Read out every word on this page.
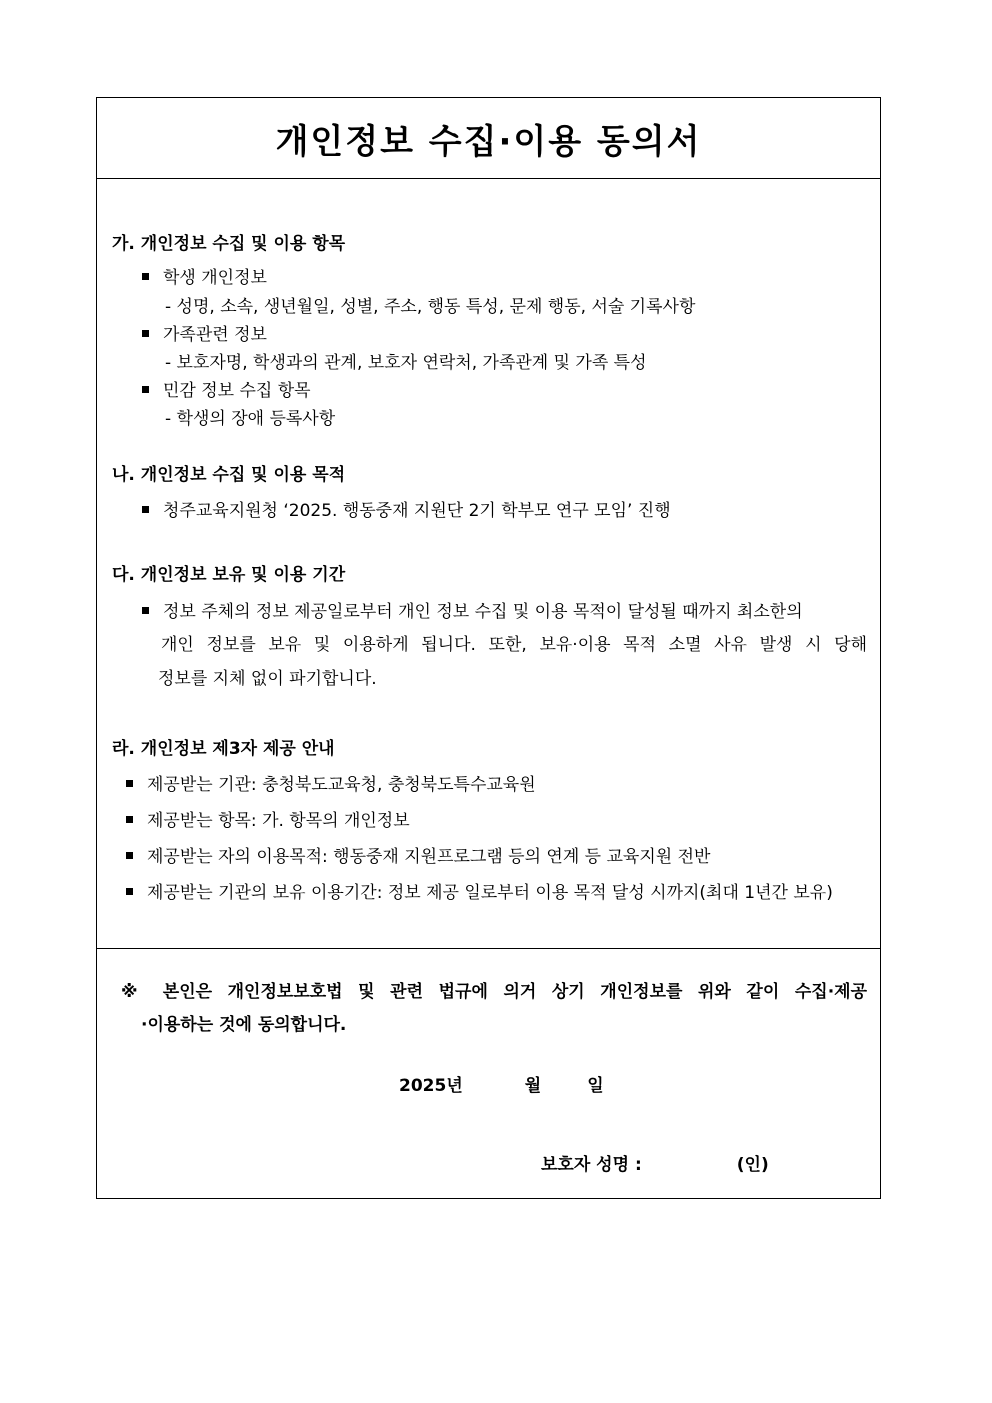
개인정보 수집·이용 동의서
가. 개인정보 수집 및 이용 항목
학생 개인정보
- 성명, 소속, 생년월일, 성별, 주소, 행동 특성, 문제 행동, 서술 기록사항
가족관련 정보
- 보호자명, 학생과의 관계, 보호자 연락처, 가족관계 및 가족 특성
민감 정보 수집 항목
- 학생의 장애 등록사항
나. 개인정보 수집 및 이용 목적
청주교육지원청 ‘2025. 행동중재 지원단 2기 학부모 연구 모임’ 진행
다. 개인정보 보유 및 이용 기간
정보 주체의 정보 제공일로부터 개인 정보 수집 및 이용 목적이 달성될 때까지 최소한의
개인 정보를 보유 및 이용하게 됩니다. 또한, 보유·이용 목적 소멸 사유 발생 시 당해
정보를 지체 없이 파기합니다.
라. 개인정보 제3자 제공 안내
제공받는 기관: 충청북도교육청, 충청북도특수교육원
제공받는 항목: 가. 항목의 개인정보
제공받는 자의 이용목적: 행동중재 지원프로그램 등의 연계 등 교육지원 전반
제공받는 기관의 보유 이용기간: 정보 제공 일로부터 이용 목적 달성 시까지(최대 1년간 보유)
※ 본인은 개인정보보호법 및 관련 법규에 의거 상기 개인정보를 위와 같이 수집·제공
·이용하는 것에 동의합니다.
2025년	월	일
보호자 성명 :	(인)
